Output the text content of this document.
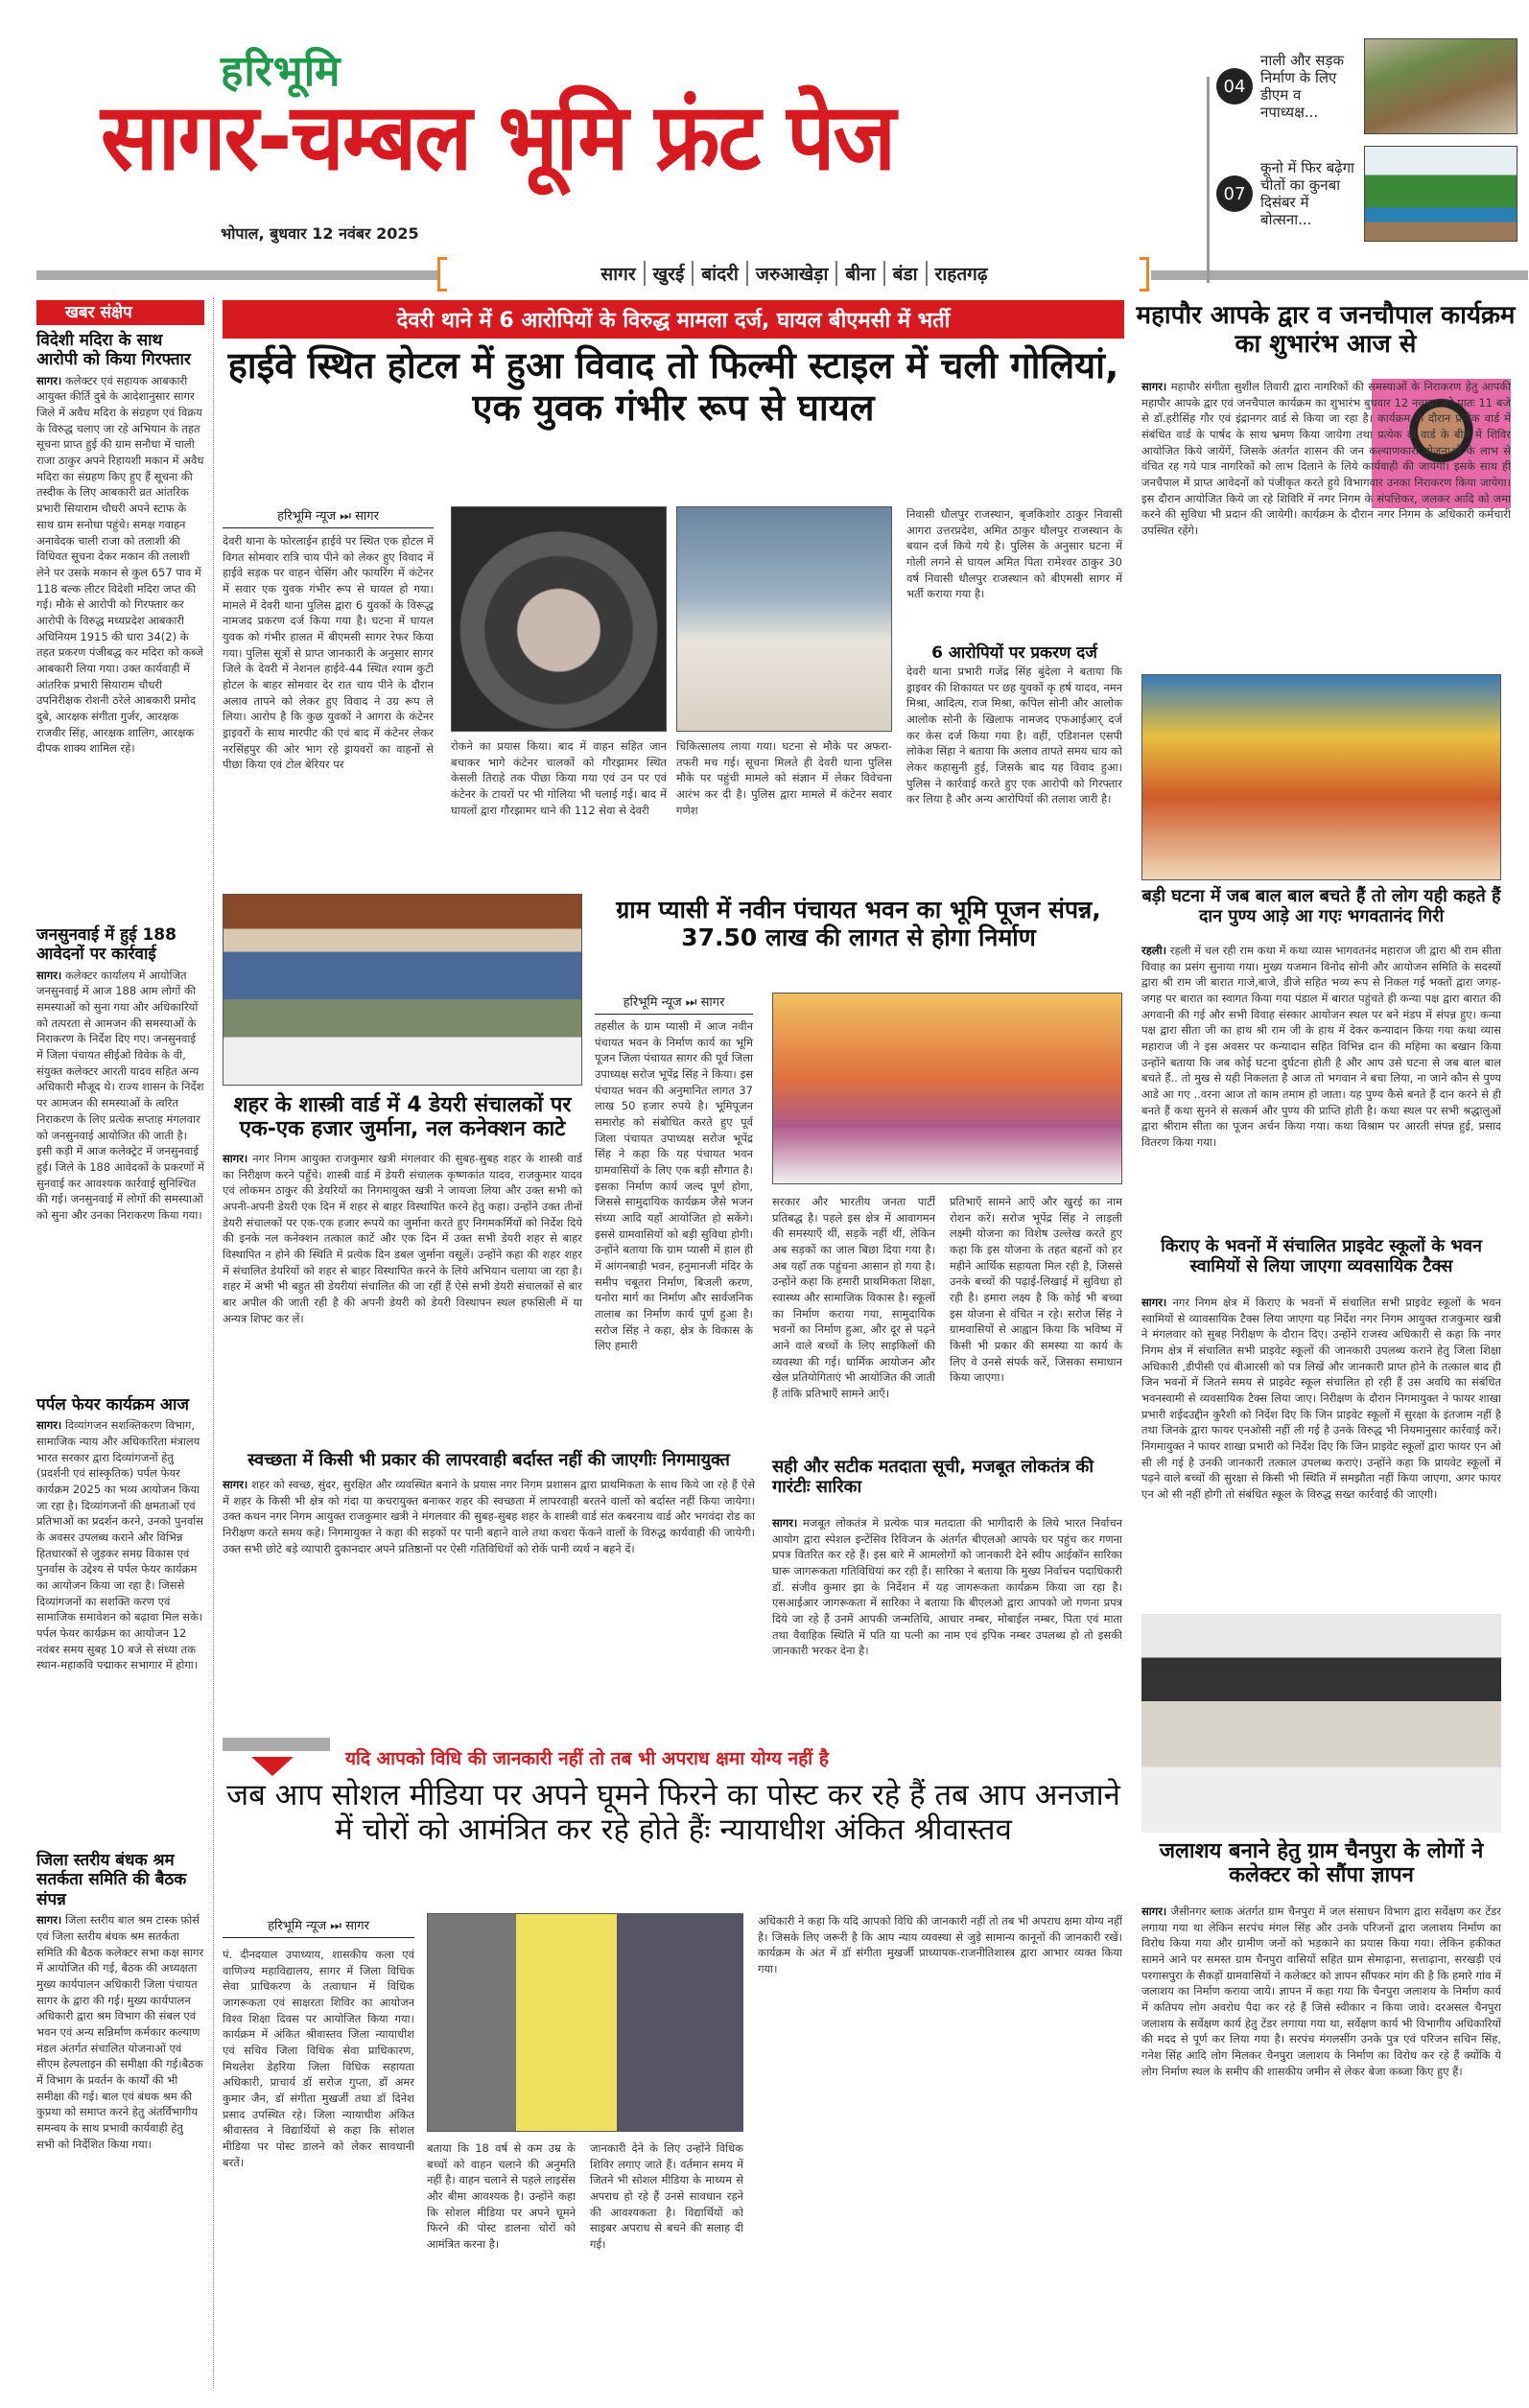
हरिभूमि
सागर-चम्बल भूमि फ्रंट पेज
भोपाल, बुधवार 12 नवंबर 2025
सागर खुरई बांदरी जरुआखेड़ा बीना बंडा राहतगढ़
04
नाली और सड़क निर्माण के लिए डीएम व नपाध्यक्ष...
07
कूनो में फिर बढ़ेगा चीतों का कुनबा दिसंबर में बोत्सना...
खबर संक्षेप
विदेशी मदिरा के साथ आरोपी को किया गिरफ्तार

सागर। कलेक्टर एवं सहायक आबकारी आयुक्त कीर्ति दुबे के आदेशानुसार सागर जिले में अवैध मदिरा के संग्रहण एवं विक्रय के विरुद्ध चलाए जा रहे अभियान के तहत सूचना प्राप्त हुई की ग्राम सनौधा में चाली राजा ठाकुर अपने रिहायशी मकान में अवैध मदिरा का संग्रहण किए हुए हैं सूचना की तस्दीक के लिए आबकारी व्रत आंतरिक प्रभारी सियाराम चौधरी अपने स्टाफ के साथ ग्राम सनोधा पहुंचे। समक्ष गवाहन अनावेदक चाली राजा को तलाशी की विधिवत सूचना देकर मकान की तलाशी लेने पर उसके मकान से कुल 657 पाव में 118 बल्क लीटर विदेशी मदिरा जप्त की गई। मौके से आरोपी को गिरफ्तार कर आरोपी के विरुद्ध मध्यप्रदेश आबकारी अधिनियम 1915 की धारा 34(2) के तहत प्रकरण पंजीबद्ध कर मदिरा को कब्जे आबकारी लिया गया। उक्त कार्यवाही में आंतरिक प्रभारी सियाराम चौधरी उपनिरीक्षक रोशनी ठरेले आबकारी प्रमोद दुबे, आरक्षक संगीता गुर्जर, आरक्षक राजवीर सिंह, आरक्षक शालिग, आरक्षक दीपक शाक्य शामिल रहे।

जनसुनवाई में हुई 188 आवेदनों पर कार्रवाई

सागर। कलेक्टर कार्यालय में आयोजित जनसुनवाई में आज 188 आम लोगों की समस्याओं को सुना गया और अधिकारियों को तत्परता से आमजन की समस्याओं के निराकरण के निर्देश दिए गए। जनसुनवाई में जिला पंचायत सीईओ विवेक के वी, संयुक्त कलेक्टर आरती यादव सहित अन्य अधिकारी मौजूद थे। राज्य शासन के निर्देश पर आमजन की समस्याओं के त्वरित निराकरण के लिए प्रत्येक सप्ताह मंगलवार को जनसुनवाई आयोजित की जाती है। इसी कड़ी में आज कलेक्ट्रेट में जनसुनवाई हुई। जिले के 188 आवेदकों के प्रकरणों में सुनवाई कर आवश्यक कार्रवाई सुनिश्चित की गई। जनसुनवाई में लोगों की समस्याओं को सुना और उनका निराकरण किया गया।

पर्पल फेयर कार्यक्रम आज

सागर। दिव्यांगजन सशक्तिकरण विभाग, सामाजिक न्याय और अधिकारिता मंत्रालय भारत सरकार द्वारा दिव्यांगजनों हेतु (प्रदर्शनी एवं सांस्कृतिक) पर्पल फेयर कार्यक्रम 2025 का भव्य आयोजन किया जा रहा है। दिव्यांगजनों की क्षमताओं एवं प्रतिभाओं का प्रदर्शन करने, उनको पुनर्वास के अवसर उपलब्ध कराने और विभिन्न हितधारकों से जुड़कर समग्र विकास एवं पुनर्वास के उद्देश्य से पर्पल फेयर कार्यक्रम का आयोजन किया जा रहा है। जिससे दिव्यांगजनों का सशक्ति करण एवं सामाजिक समावेशन को बढ़ावा मिल सके। पर्पल फेयर कार्यक्रम का आयोजन 12 नवंबर समय सुबह 10 बजे से संध्या तक स्थान-महाकवि पद्माकर सभागार में होगा।

जिला स्तरीय बंधक श्रम सतर्कता समिति की बैठक संपन्न

सागर। जिला स्तरीय बाल श्रम टास्क फ़ोर्स एवं जिला स्तरीय बंधक श्रम सतर्कता समिति की बैठक कलेक्टर सभा कक्ष सागर में आयोजित की गई, बैठक की अध्यक्षता मुख्य कार्यपालन अधिकारी जिला पंचायत सागर के द्वारा की गई। मुख्य कार्यपालन अधिकारी द्वारा श्रम विभाग की संबल एवं भवन एवं अन्य सन्निर्माण कर्मकार कल्याण मंडल अंतर्गत संचालित योजनाओं एवं सीएम हेल्पलाइन की समीक्षा की गई।बैठक में विभाग के प्रवर्तन के कार्यों की भी समीक्षा की गई। बाल एवं बंधक श्रम की कुप्रथा को समाप्त करने हेतु अंतर्विभागीय समन्वय के साथ प्रभावी कार्यवाही हेतु सभी को निर्देशित किया गया।

देवरी थाने में 6 आरोपियों के विरुद्ध मामला दर्ज, घायल बीएमसी में भर्ती
हाईवे स्थित होटल में हुआ विवाद तो फिल्मी स्टाइल में चली गोलियां, एक युवक गंभीर रूप से घायल
हरिभूमि न्यूज ⏭ सागर
देवरी थाना के फोरलाईन हाईवे पर स्थित एक होटल में विगत सोमवार रात्रि चाय पीने को लेकर हुए विवाद में हाईवे सड़क पर वाहन चेसिंग और फायरिंग में कंटेनर में सवार एक युवक गंभीर रूप से घायल हो गया। मामले में देवरी थाना पुलिस द्वारा 6 युवकों के विरूद्ध नामजद प्रकरण दर्ज किया गया है। घटना में घायल युवक को गंभीर हालत में बीएमसी सागर रेफर किया गया। पुलिस सूत्रों से प्राप्त जानकारी के अनुसार सागर जिले के देवरी में नेशनल हाईवे-44 स्थित श्याम कुटी होटल के बाहर सोमवार देर रात चाय पीने के दौरान अलाव तापने को लेकर हुए विवाद ने उग्र रूप ले लिया। आरोप है कि कुछ युवकों ने आगरा के कंटेनर ड्राइवरों के साथ मारपीट की एवं बाद में कंटेनर लेकर नरसिंहपुर की ओर भाग रहे ड्रायवरों का वाहनों से पीछा किया एवं टोल बेरियर पर
रोकने का प्रयास किया। बाद में वाहन सहित जान बचाकर भागे कंटेनर चालकों को गौरझामर स्थित केसली तिराहे तक पीछा किया गया एवं उन पर एवं कंटेनर के टायरों पर भी गोलिया भी चलाई गई। बाद में घायलों द्वारा गौरझामर थाने की 112 सेवा से देवरी
चिकित्सालय लाया गया। घटना से मौके पर अफरा-तफरी मच गई। सूचना मिलते ही देवरी थाना पुलिस मौके पर पहुंची मामले को संज्ञान में लेकर विवेचना आरंभ कर दी है। पुलिस द्वारा मामले में कंटेनर सवार गणेश
निवासी धौलपुर राजस्थान, बृजकिशोर ठाकुर निवासी आगरा उत्तरप्रदेश, अमित ठाकुर धौलपुर राजस्थान के बयान दर्ज किये गये है। पुलिस के अनुसार घटना में गोली लगने से घायल अमित पिता रामेश्वर ठाकुर 30 वर्ष निवासी धौलपुर राजस्थान को बीएमसी सागर में भर्ती कराया गया है।
6 आरोपियों पर प्रकरण दर्ज
देवरी थाना प्रभारी गजेंद्र सिंह बुंदेला ने बताया कि ड्राइवर की शिकायत पर छह युवकों कृ हर्ष यादव, नमन मिश्रा, आदित्य, राज मिश्रा, कपिल सोनी और आलोक आलोक सोनी के खिलाफ नामजद एफआईआर् दर्ज कर केस दर्ज किया गया है। वहीं, एडिशनल एसपी लोकेश सिंहा ने बताया कि अलाव तापते समय चाय को लेकर कहासुनी हुई, जिसके बाद यह विवाद हुआ। पुलिस ने कार्रवाई करते हुए एक आरोपी को गिरफ्तार कर लिया है और अन्य आरोपियों की तलाश जारी है।
शहर के शास्त्री वार्ड में 4 डेयरी संचालकों पर एक-एक हजार जुर्माना, नल कनेक्शन काटे
सागर। नगर निगम आयुक्त राजकुमार खत्री मंगलवार की सुबह-सुबह शहर के शास्त्री वार्ड का निरीक्षण करने पहुँचे। शास्त्री वार्ड में डेयरी संचालक कृष्णकांत यादव, राजकुमार यादव एवं लोकमन ठाकुर की डेयरियों का निगमायुक्त खत्री ने जायजा लिया और उक्त सभी को अपनी-अपनी डेयरी एक दिन में शहर से बाहर विस्थापित करने हेतु कहा। उन्होंने उक्त तीनों डेयरी संचालकों पर एक-एक हजार रूपये का जुर्माना करते हुए निगमकर्मियों को निर्देश दिये की इनके नल कनेक्शन तत्काल काटें और एक दिन में उक्त सभी डेयरी शहर से बाहर विस्थापित न होने की स्थिति में प्रत्येक दिन डबल जुर्माना वसूलें। उन्होंने कहा की शहर शहर में संचालित डेयरियों को शहर से बाहर विस्थापित करने के लिये अभियान चलाया जा रहा है। शहर में अभी भी बहुत सी डेयरीयां संचालित की जा रहीं हैं ऐसे सभी डेयरी संचालकों से बार बार अपील की जाती रही है की अपनी डेयरी को डेयरी विस्थापन स्थल हफसिली में या अन्यत्र शिफ्ट कर लें।
ग्राम प्यासी में नवीन पंचायत भवन का भूमि पूजन संपन्न, 37.50 लाख की लागत से होगा निर्माण
हरिभूमि न्यूज ⏭ सागर
तहसील के ग्राम प्यासी में आज नवीन पंचायत भवन के निर्माण कार्य का भूमि पूजन जिला पंचायत सागर की पूर्व जिला उपाध्यक्ष सरोज भूपेंद्र सिंह ने किया। इस पंचायत भवन की अनुमानित लागत 37 लाख 50 हजार रुपये है। भूमिपूजन समारोह को संबोधित करते हुए पूर्व जिला पंचायत उपाध्यक्ष सरोज भूपेंद्र सिंह ने कहा कि यह पंचायत भवन ग्रामवासियों के लिए एक बड़ी सौगात है। इसका निर्माण कार्य जल्द पूर्ण होगा, जिससे सामुदायिक कार्यक्रम जैसे भजन संध्या आदि यहाँ आयोजित हो सकेंगे। इससे ग्रामवासियों को बड़ी सुविधा होगी। उन्होंने बताया कि ग्राम प्यासी में हाल ही में आंगनबाड़ी भवन, हनुमानजी मंदिर के समीप चबूतरा निर्माण, बिजली करण, धनोरा मार्ग का निर्माण और सार्वजनिक तालाब का निर्माण कार्य पूर्ण हुआ है। सरोज सिंह ने कहा, क्षेत्र के विकास के लिए हमारी
सरकार और भारतीय जनता पार्टी प्रतिबद्ध है। पहले इस क्षेत्र में आवागमन की समस्याएँ थीं, सड़कें नहीं थीं, लेकिन अब सड़कों का जाल बिछा दिया गया है। अब यहाँ तक पहुंचना आसान हो गया है। उन्होंने कहा कि हमारी प्राथमिकता शिक्षा, स्वास्थ्य और सामाजिक विकास है। स्कूलों का निर्माण कराया गया, सामुदायिक भवनों का निर्माण हुआ, और दूर से पढ़ने आने वाले बच्चों के लिए साइकिलों की व्यवस्था की गई। धार्मिक आयोजन और खेल प्रतियोगिताएं भी आयोजित की जाती हैं तांकि प्रतिभाएँ सामने आएँ।
प्रतिभाएँ सामने आएँ और खुरई का नाम रोशन करें। सरोज भूपेंद्र सिंह ने लाड़ली लक्ष्मी योजना का विशेष उल्लेख करते हुए कहा कि इस योजना के तहत बहनों को हर महीने आर्थिक सहायता मिल रही है, जिससे उनके बच्चों की पढ़ाई-लिखाई में सुविधा हो रही है। हमारा लक्ष्य है कि कोई भी बच्चा इस योजना से वंचित न रहे। सरोज सिंह ने ग्रामवासियों से आह्वान किया कि भविष्य में किसी भी प्रकार की समस्या या कार्य के लिए वे उनसे संपर्क करें, जिसका समाधान किया जाएगा।
स्वच्छता में किसी भी प्रकार की लापरवाही बर्दास्त नहीं की जाएगीः निगमायुक्त
सागर। शहर को स्वच्छ, सुंदर, सुरक्षित और व्यवस्थित बनाने के प्रयास नगर निगम प्रशासन द्वारा प्राथमिकता के साथ किये जा रहे हैं ऐसे में शहर के किसी भी क्षेत्र को गंदा या कचरायुक्त बनाकर शहर की स्वच्छता में लापरवाही बरतने वालों को बर्दास्त नहीं किया जायेगा। उक्त कथन नगर निगम आयुक्त राजकुमार खत्री ने मंगलवार की सुबह-सुबह शहर के शास्त्री वार्ड संत कबरनाथ वार्ड और भगवंदा रोड का निरीक्षण करते समय कहे। निगमायुक्त ने कहा की सड़कों पर पानी बहाने वाले तथा कचरा फेंकने वालों के विरुद्ध कार्यवाही की जायेगी। उक्त सभी छोटे बड़े व्यापारी दुकानदार अपने प्रतिष्ठानों पर ऐसी गतिविधियों को रोकें पानी व्यर्थ न बहने दें।
सही और सटीक मतदाता सूची, मजबूत लोकतंत्र की गारंटीः सारिका
सागर। मजबूत लोकतंत्र मे प्रत्येक पात्र मतदाता की भागीदारी के लिये भारत निर्वाचन आयोग द्वारा स्पेशल इन्टेंसिव रिविजन के अंतर्गत बीएलओ आपके घर पहुंच कर गणना प्रपत्र वितरित कर रहे हैं। इस बारे में आमलोगों को जानकारी देने स्वीप आईकॉन सारिका घारू जागरूकता गतिविधियां कर रही हैं। सारिका ने बताया कि मुख्य निर्वाचन पदाधिकारी डॉ. संजीव कुमार झा के निर्देशन में यह जागरूकता कार्यक्रम किया जा रहा है। एसआईआर जागरूकता में सारिका ने बताया कि बीएलओ द्वारा आपको जो गणना प्रपत्र दिये जा रहे हैं उनमें आपकी जन्मतिथि, आधार नम्बर, मोबाईल नम्बर, पिता एवं माता तथा वैवाहिक स्थिति में पति या पत्नी का नाम एवं इपिक नम्बर उपलब्ध हो तो इसकी जानकारी भरकर देना है।
यदि आपको विधि की जानकारी नहीं तो तब भी अपराध क्षमा योग्य नहीं है
जब आप सोशल मीडिया पर अपने घूमने फिरने का पोस्ट कर रहे हैं तब आप अनजाने में चोरों को आमंत्रित कर रहे होते हैंः न्यायाधीश अंकित श्रीवास्तव
हरिभूमि न्यूज ⏭ सागर
पं. दीनदयाल उपाध्याय, शासकीय कला एवं वाणिज्य महाविद्यालय, सागर में जिला विधिक सेवा प्राधिकरण के तत्वाधान में विधिक जागरूकता एवं साक्षरता शिविर का आयोजन विश्व शिक्षा दिवस पर आयोजित किया गया। कार्यक्रम में अंकित श्रीवास्तव जिला न्यायाधीश एवं सचिव जिला विधिक सेवा प्राधिकारण, मिथलेश डेहरिया जिला विधिक सहायता अधिकारी, प्राचार्य डॉ सरोज गुप्ता, डॉ अमर कुमार जैन, डॉ संगीता मुखर्जी तथा डॉ दिनेश प्रसाद उपस्थित रहे। जिला न्यायाधीश अंकित श्रीवास्तव ने विद्यार्थियों से कहा कि सोशल मीडिया पर पोस्ट डालने को लेकर सावधानी बरतें।
बताया कि 18 वर्ष से कम उम्र के बच्चों को वाहन चलाने की अनुमति नहीं है। वाहन चलाने से पहले लाइसेंस और बीमा आवश्यक है। उन्होंने कहा कि सोशल मीडिया पर अपने घूमने फिरने की पोस्ट डालना चोरों को आमंत्रित करना है।
जानकारी देने के लिए उन्होंने विधिक शिविर लगाए जाते हैं। वर्तमान समय में जितने भी सोशल मीडिया के माध्यम से अपराध हो रहे हैं उनसे सावधान रहने की आवश्यकता है। विद्यार्थियों को साइबर अपराध से बचने की सलाह दी गई।
अधिकारी ने कहा कि यदि आपको विधि की जानकारी नहीं तो तब भी अपराध क्षमा योग्य नहीं है। जिसके लिए जरूरी है कि आप न्याय व्यवस्था से जुड़े सामान्य कानूनों की जानकारी रखें। कार्यक्रम के अंत में डॉ संगीता मुखर्जी प्राध्यापक-राजनीतिशास्त्र द्वारा आभार व्यक्त किया गया।
महापौर आपके द्वार व जनचौपाल कार्यक्रम का शुभारंभ आज से
सागर। महापौर संगीता सुशील तिवारी द्वारा नागरिकों की समस्याओं के निराकरण हेतु आपकी महापौर आपके द्वार एवं जनचैपाल कार्यक्रम का शुभारंभ बुधवार 12 नवम्बर को प्रातः 11 बजे से डॉ.हरीसिंह गौर एवं इंद्रानगर वार्ड से किया जा रहा है। कार्यक्रम के दौरान प्रत्येक वार्ड में संबंधित वार्ड के पार्षद के साथ भ्रमण किया जायेगा तथा प्रत्येक दो वार्ड के बीच में शिविर आयोजित किये जायेंगें, जिसके अंतर्गत शासन की जन कल्याणकारी योजनाओं के लाभ से वंचित रह गये पात्र नागरिकों को लाभ दिलाने के लिये कार्यवाही की जायेगी। इसके साथ ही जनचैपाल में प्राप्त आवेदनों को पंजीकृत करते हुये विभागवार उनका निराकरण किया जायेगा। इस दौरान आयोजित किये जा रहे शिविरि में नगर निगम के संपत्तिकर, जलकर आदि को जमा करने की सुविधा भी प्रदान की जायेगी। कार्यक्रम के दौरान नगर निगम के अधिकारी कर्मचारी उपस्थित रहेंगे।
बड़ी घटना में जब बाल बाल बचते हैं तो लोग यही कहते हैं दान पुण्य आड़े आ गएः भगवतानंद गिरी
रहली। रहली में चल रही राम कथा में कथा व्यास भागवतनंद महाराज जी द्वारा श्री राम सीता विवाह का प्रसंग सुनाया गया। मुख्य यजमान विनोद सोनी और आयोजन समिति के सदस्यों द्वारा श्री राम जी बारात गाजे,बाजे, डीजे सहित भव्य रूप से निकल गई भक्तों द्वारा जगह-जगह पर बारात का स्वागत किया गया पंडाल में बारात पहुंचते ही कन्या पक्ष द्वारा बारात की अगवानी की गई और सभी विवाह संस्कार आयोजन स्थल पर बने मंडप में संपन्न हुए। कन्या पक्ष द्वारा सीता जी का हाथ श्री राम जी के हाथ में देकर कन्यादान किया गया कथा व्यास महाराज जी ने इस अवसर पर कन्यादान सहित विभिन्न दान की महिमा का बखान किया उन्होंने बताया कि जब कोई घटना दुर्घटना होती है और आप उसे घटना से जब बाल बाल बचते हैं.. तो मुख से यही निकलता है आज तो भगवान ने बचा लिया, ना जाने कौन से पुण्य आडे आ गए ..वरना आज तो काम तमाम हो जाता। यह पुण्य कैसे बनते हैं दान करने से ही बनते हैं कथा सुनने से सत्कर्म और पुण्य की प्राप्ति होती है। कथा स्थल पर सभी श्रद्धालुओं द्वारा श्रीराम सीता का पूजन अर्चन किया गया। कथा विश्राम पर आरती संपन्न हुई, प्रसाद वितरण किया गया।
किराए के भवनों में संचालित प्राइवेट स्कूलों के भवन स्वामियों से लिया जाएगा व्यवसायिक टैक्स
सागर। नगर निगम क्षेत्र में किराए के भवनों में संचालित सभी प्राइवेट स्कूलों के भवन स्वामियों से व्यावसायिक टैक्स लिया जाएगा यह निर्देश नगर निगम आयुक्त राजकुमार खत्री ने मंगलवार को सुबह निरीक्षण के दौरान दिए। उन्होंने राजस्व अधिकारी से कहा कि नगर निगम क्षेत्र में संचालित सभी प्राइवेट स्कूलों की जानकारी उपलब्ध कराने हेतु जिला शिक्षा अधिकारी ,डीपीसी एवं बीआरसी को पत्र लिखें और जानकारी प्राप्त होने के तत्काल बाद ही जिन भवनों में जितने समय से प्राइवेट स्कूल संचालित हो रही हैं उस अवधि का संबंधित भवनस्वामी से व्यवसायिक टैक्स लिया जाए। निरीक्षण के दौरान निगमायुक्त ने फायर शाखा प्रभारी शईदउद्दीन कुरैशी को निर्देश दिए कि जिन प्राइवेट स्कूलों में सुरक्षा के इंतजाम नहीं है तथा जिनके द्वारा फायर एनओसी नहीं ली गई है उनके विरुद्ध भी नियमानुसार कार्रवाई करें। निगमायुक्त ने फायर शाखा प्रभारी को निर्देश दिए कि जिन प्राइवेट स्कूलों द्वारा फायर एन ओ सी ली गई है उनकी जानकारी तत्काल उपलब्ध कराएं। उन्होंने कहा कि प्रायवेट स्कूलों में पढ़ने वाले बच्चों की सुरक्षा से किसी भी स्थिति में समझौता नहीं किया जाएगा, अगर फायर एन ओ सी नहीं होगी तो संबंधित स्कूल के विरुद्ध सख्त कार्रवाई की जाएगी।
जलाशय बनाने हेतु ग्राम चैनपुरा के लोगों ने कलेक्टर को सौंपा ज्ञापन
सागर। जैसीनगर ब्लाक अंतर्गत ग्राम चैनपुरा में जल संसाधन विभाग द्वारा सर्वेक्षण कर टेंडर लगाया गया था लेकिन सरपंच मंगल सिंह और उनके परिजनों द्वारा जलाशय निर्माण का विरोध किया गया और ग्रामीण जनों को भड़काने का प्रयास किया गया। लेकिन हकीकत सामने आने पर समस्त ग्राम चैनपुरा वासियों सहित ग्राम सेमाढ़ाना, सत्ताढ़ाना, सरखड़ी एवं परगासपुरा के सैकड़ों ग्रामवासियों ने कलेक्टर को ज्ञापन सौंपकर मांग की है कि हमारे गांव में जलाशय का निर्माण कराया जाये। ज्ञापन में कहा गया कि चैनपुरा जलाशय के निर्माण कार्य में कतिपय लोग अवरोध पैदा कर रहे हैं जिसे स्वीकार न किया जावे। दरअसल चैनपुरा जलाशय के सर्वेक्षण कार्य हेतु टेंडर लगाया गया था, सर्वेक्षण कार्य भी विभागीय अधिकारियों की मदद से पूर्ण कर लिया गया है। सरपंच मंगलसींग उनके पुत्र एवं परिजन सचिन सिंह, गनेश सिंह आदि लोग मिलकर चैनपुरा जलाशय के निर्माण का विरोध कर रहे हैं क्योंकि ये लोग निर्माण स्थल के समीप की शासकीय जमीन से लेकर बेजा कब्जा किए हुए हैं।
